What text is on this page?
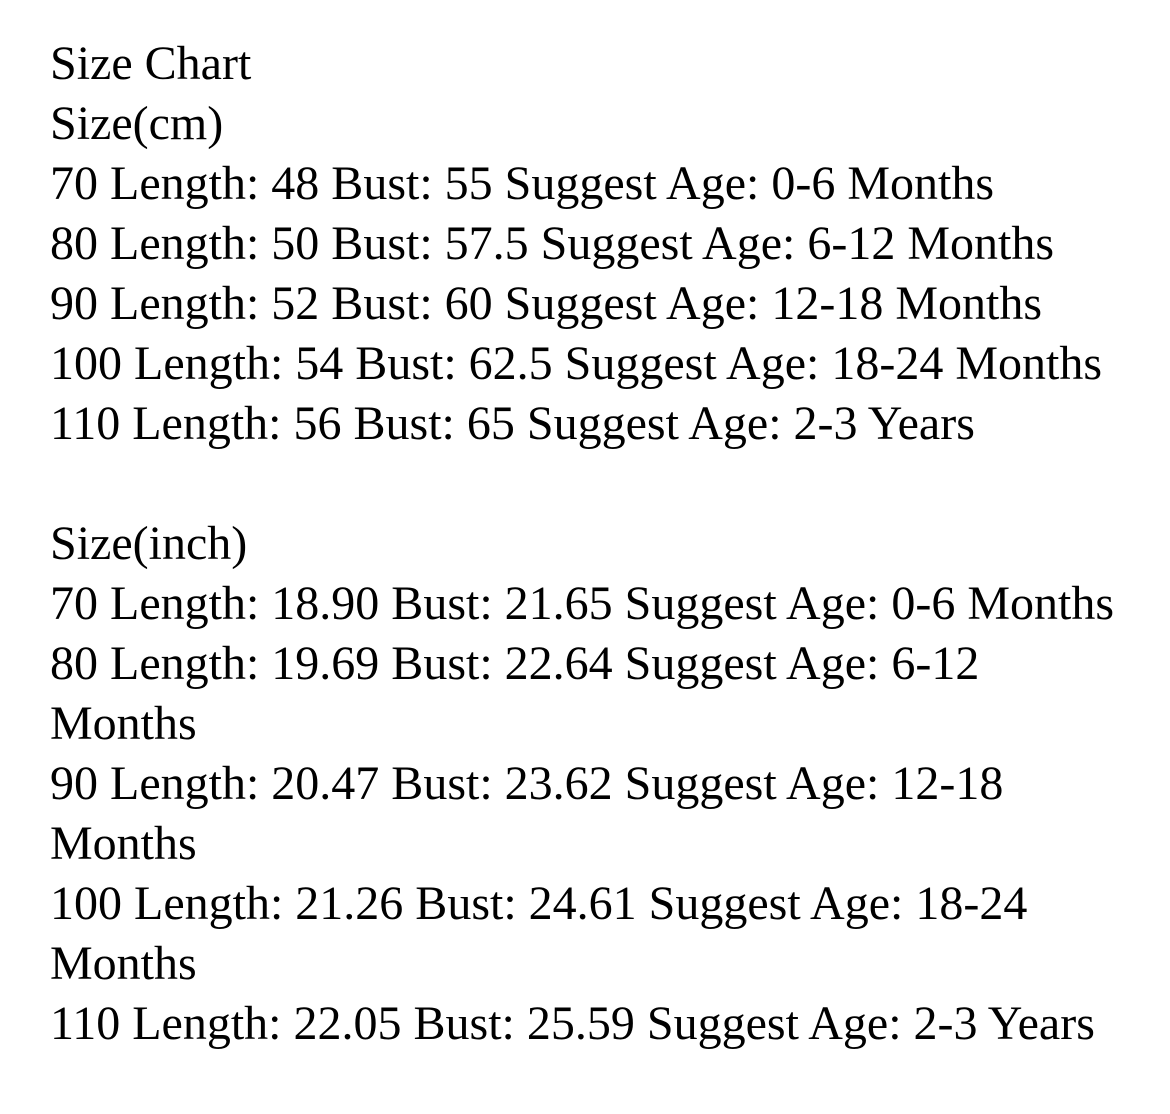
Size Chart
Size(cm)
70 Length: 48 Bust: 55 Suggest Age: 0-6 Months
80 Length: 50 Bust: 57.5 Suggest Age: 6-12 Months
90 Length: 52 Bust: 60 Suggest Age: 12-18 Months
100 Length: 54 Bust: 62.5 Suggest Age: 18-24 Months
110 Length: 56 Bust: 65 Suggest Age: 2-3 Years
Size(inch)
70 Length: 18.90 Bust: 21.65 Suggest Age: 0-6 Months
80 Length: 19.69 Bust: 22.64 Suggest Age: 6-12 Months
90 Length: 20.47 Bust: 23.62 Suggest Age: 12-18 Months
100 Length: 21.26 Bust: 24.61 Suggest Age: 18-24 Months
110 Length: 22.05 Bust: 25.59 Suggest Age: 2-3 Years
